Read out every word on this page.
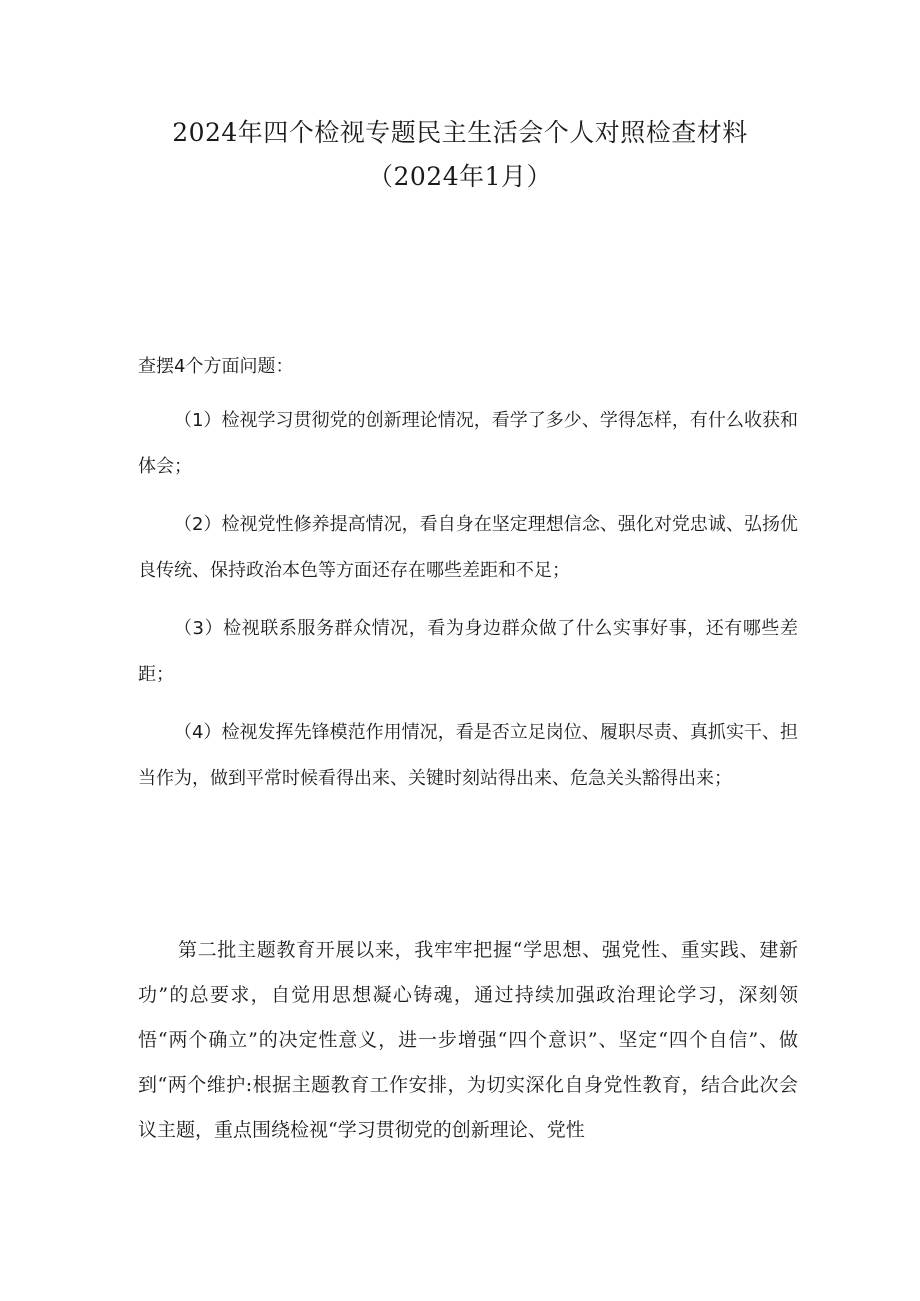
2024年四个检视专题民主生活会个人对照检查材料
（2024年1月）

查摆4个方面问题：

（1）检视学习贯彻党的创新理论情况，看学了多少、学得怎样，有什么收获和体会；

（2）检视党性修养提高情况，看自身在坚定理想信念、强化对党忠诚、弘扬优良传统、保持政治本色等方面还存在哪些差距和不足；

（3）检视联系服务群众情况，看为身边群众做了什么实事好事，还有哪些差距；

（4）检视发挥先锋模范作用情况，看是否立足岗位、履职尽责、真抓实干、担当作为，做到平常时候看得出来、关键时刻站得出来、危急关头豁得出来；

第二批主题教育开展以来，我牢牢把握“学思想、强党性、重实践、建新功”的总要求，自觉用思想凝心铸魂，通过持续加强政治理论学习，深刻领悟“两个确立”的决定性意义，进一步增强“四个意识”、坚定“四个自信”、做到“两个维护:根据主题教育工作安排，为切实深化自身党性教育，结合此次会议主题，重点围绕检视“学习贯彻党的创新理论、党性
